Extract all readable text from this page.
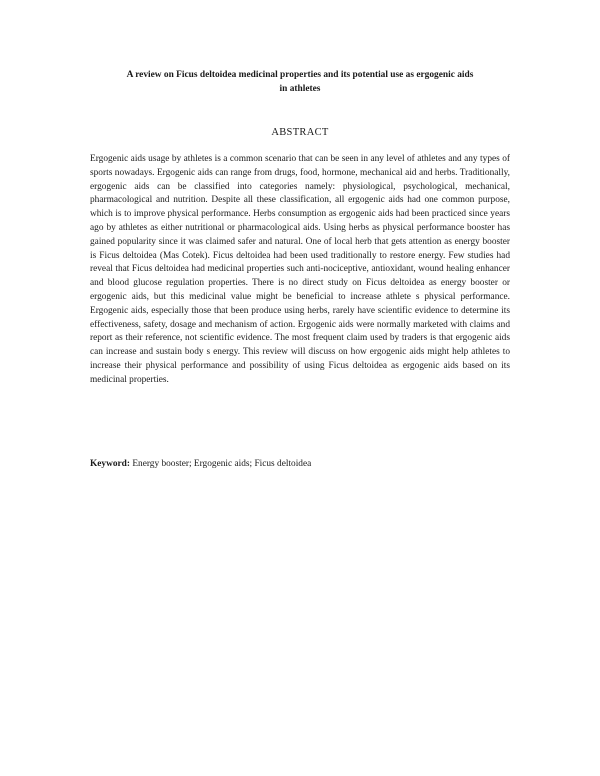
A review on Ficus deltoidea medicinal properties and its potential use as ergogenic aids
in athletes
ABSTRACT

Ergogenic aids usage by athletes is a common scenario that can be seen in any level of athletes and any types of sports nowadays. Ergogenic aids can range from drugs, food, hormone, mechanical aid and herbs. Traditionally, ergogenic aids can be classified into categories namely: physiological, psychological, mechanical, pharmacological and nutrition. Despite all these classification, all ergogenic aids had one common purpose, which is to improve physical performance. Herbs consumption as ergogenic aids had been practiced since years ago by athletes as either nutritional or pharmacological aids. Using herbs as physical performance booster has gained popularity since it was claimed safer and natural. One of local herb that gets attention as energy booster is Ficus deltoidea (Mas Cotek). Ficus deltoidea had been used traditionally to restore energy. Few studies had reveal that Ficus deltoidea had medicinal properties such anti-nociceptive, antioxidant, wound healing enhancer and blood glucose regulation properties. There is no direct study on Ficus deltoidea as energy booster or ergogenic aids, but this medicinal value might be beneficial to increase athlete s physical performance. Ergogenic aids, especially those that been produce using herbs, rarely have scientific evidence to determine its effectiveness, safety, dosage and mechanism of action. Ergogenic aids were normally marketed with claims and report as their reference, not scientific evidence. The most frequent claim used by traders is that ergogenic aids can increase and sustain body s energy. This review will discuss on how ergogenic aids might help athletes to increase their physical performance and possibility of using Ficus deltoidea as ergogenic aids based on its medicinal properties.

Keyword: Energy booster; Ergogenic aids; Ficus deltoidea
